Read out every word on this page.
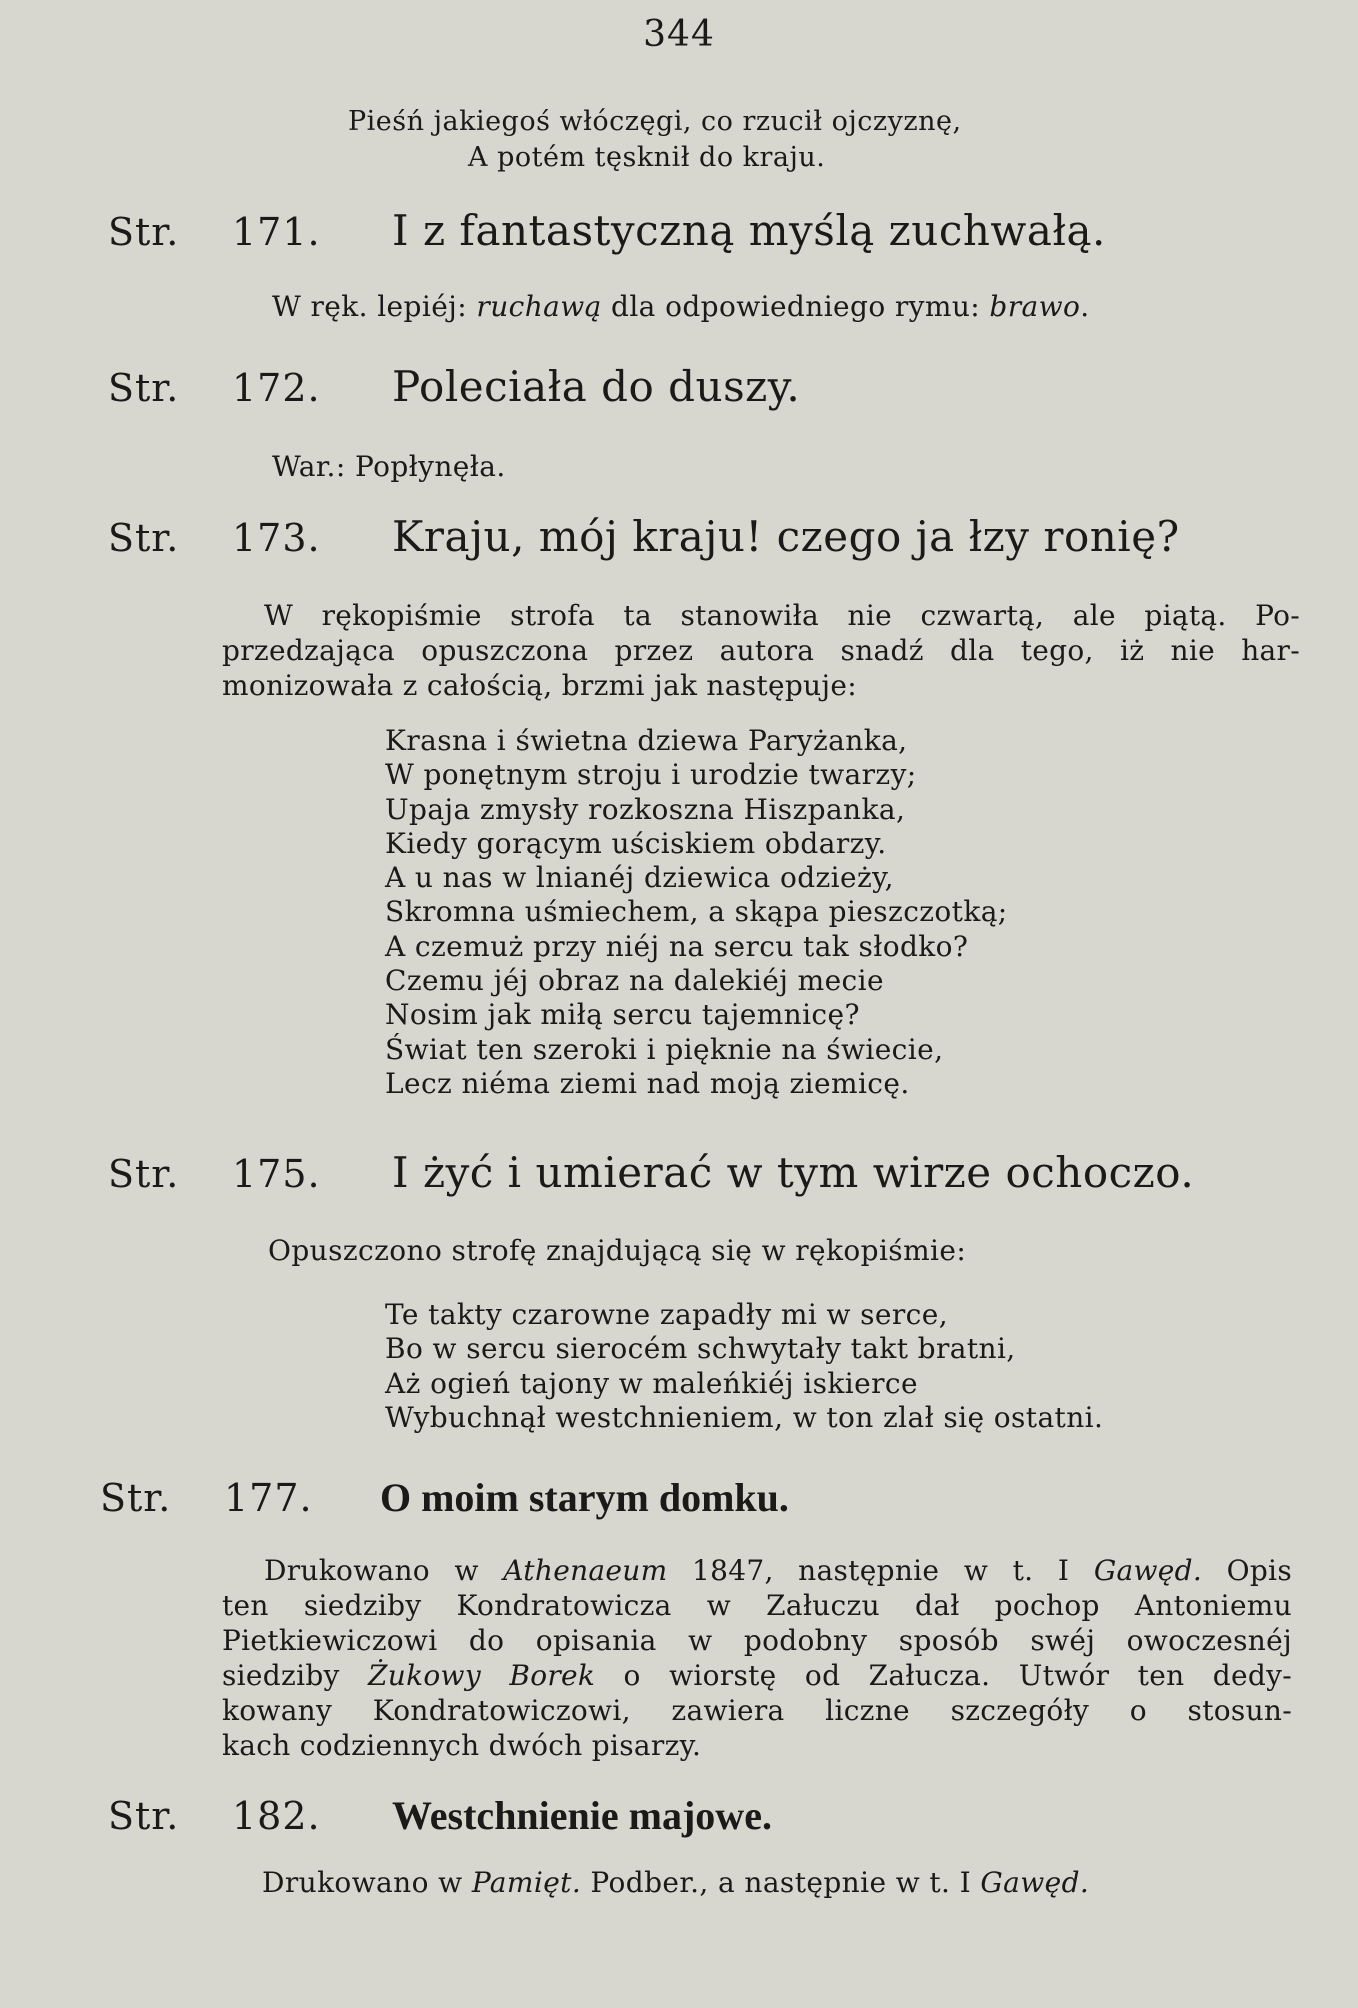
344
Pieśń jakiegoś włóczęgi, co rzucił ojczyznę,
A potém tęsknił do kraju.
Str. 171. I z fantastyczną myślą zuchwałą.
W ręk. lepiéj: ruchawą dla odpowiedniego rymu: brawo.
Str. 172. Poleciała do duszy.
War.: Popłynęła.
Str. 173. Kraju, mój kraju! czego ja łzy ronię?
W rękopiśmie strofa ta stanowiła nie czwartą, ale piątą. Po-
przedzająca opuszczona przez autora snadź dla tego, iż nie har-
monizowała z całością, brzmi jak następuje:
Krasna i świetna dziewa Paryżanka,
W ponętnym stroju i urodzie twarzy;
Upaja zmysły rozkoszna Hiszpanka,
Kiedy gorącym uściskiem obdarzy.
A u nas w lnianéj dziewica odzieży,
Skromna uśmiechem, a skąpa pieszczotką;
A czemuż przy niéj na sercu tak słodko?
Czemu jéj obraz na dalekiéj mecie
Nosim jak miłą sercu tajemnicę?
Świat ten szeroki i pięknie na świecie,
Lecz niéma ziemi nad moją ziemicę.
Str. 175. I żyć i umierać w tym wirze ochoczo.
Opuszczono strofę znajdującą się w rękopiśmie:
Te takty czarowne zapadły mi w serce,
Bo w sercu sierocém schwytały takt bratni,
Aż ogień tajony w maleńkiéj iskierce
Wybuchnął westchnieniem, w ton zlał się ostatni.
Str. 177. O moim starym domku.
Drukowano w Athenaeum 1847, następnie w t. I Gawęd. Opis
ten siedziby Kondratowicza w Załuczu dał pochop Antoniemu
Pietkiewiczowi do opisania w podobny sposób swéj owoczesnéj
siedziby Żukowy Borek o wiorstę od Załucza. Utwór ten dedy-
kowany Kondratowiczowi, zawiera liczne szczegóły o stosun-
kach codziennych dwóch pisarzy.
Str. 182. Westchnienie majowe.
Drukowano w Pamięt. Podber., a następnie w t. I Gawęd.
